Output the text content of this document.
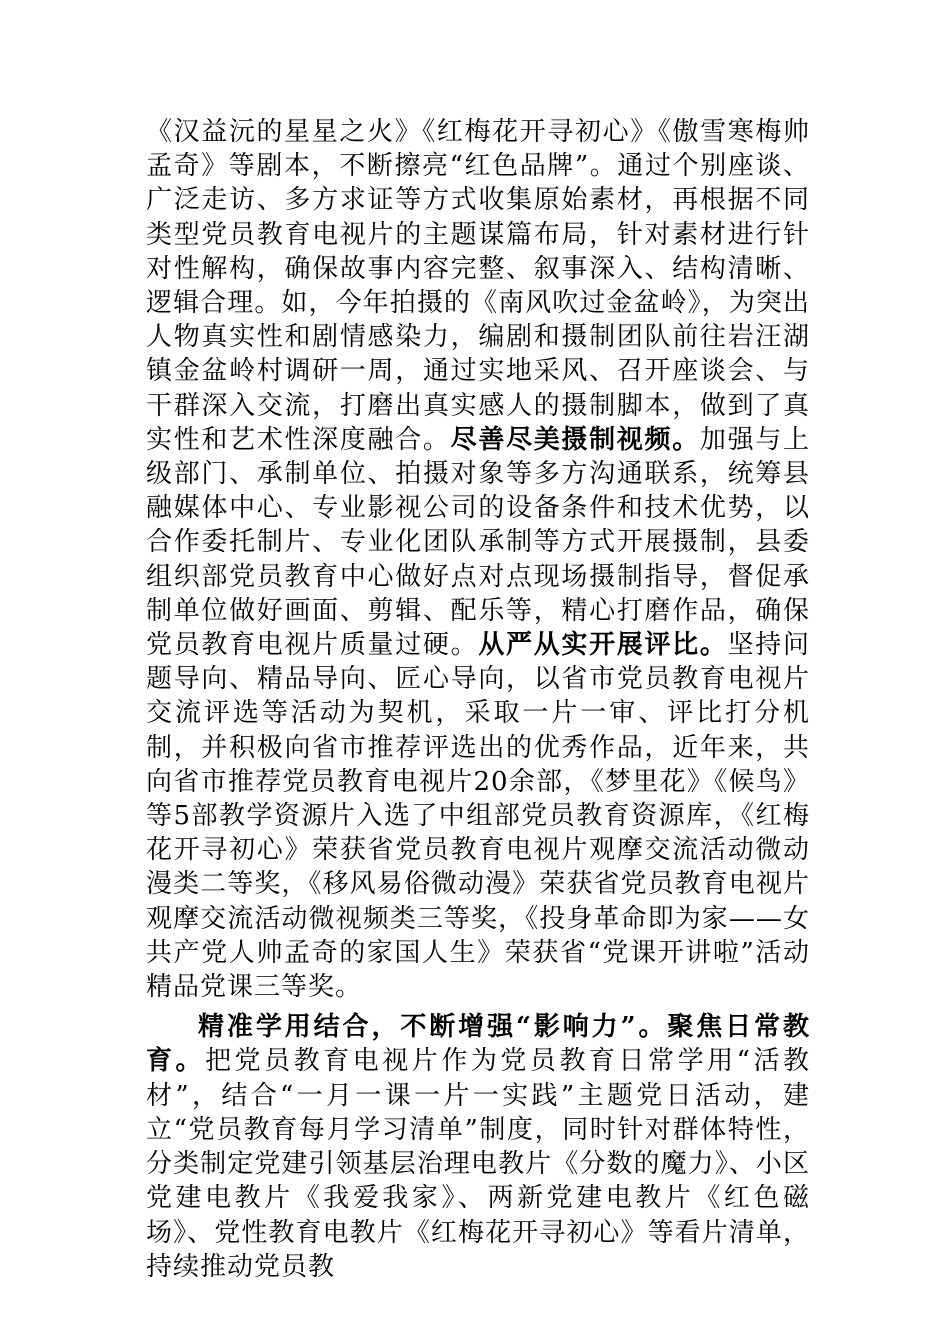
《汉益沅的星星之火》《红梅花开寻初心》《傲雪寒梅帅孟奇》等剧本，不断擦亮“红色品牌”。通过个别座谈、广泛走访、多方求证等方式收集原始素材，再根据不同类型党员教育电视片的主题谋篇布局，针对素材进行针对性解构，确保故事内容完整、叙事深入、结构清晰、逻辑合理。如，今年拍摄的《南风吹过金盆岭》，为突出人物真实性和剧情感染力，编剧和摄制团队前往岩汪湖镇金盆岭村调研一周，通过实地采风、召开座谈会、与干群深入交流，打磨出真实感人的摄制脚本，做到了真实性和艺术性深度融合。尽善尽美摄制视频。加强与上级部门、承制单位、拍摄对象等多方沟通联系，统筹县融媒体中心、专业影视公司的设备条件和技术优势，以合作委托制片、专业化团队承制等方式开展摄制，县委组织部党员教育中心做好点对点现场摄制指导，督促承制单位做好画面、剪辑、配乐等，精心打磨作品，确保党员教育电视片质量过硬。从严从实开展评比。坚持问题导向、精品导向、匠心导向，以省市党员教育电视片交流评选等活动为契机，采取一片一审、评比打分机制，并积极向省市推荐评选出的优秀作品，近年来，共向省市推荐党员教育电视片20余部，《梦里花》《候鸟》等5部教学资源片入选了中组部党员教育资源库，《红梅花开寻初心》荣获省党员教育电视片观摩交流活动微动漫类二等奖，《移风易俗微动漫》荣获省党员教育电视片观摩交流活动微视频类三等奖，《投身革命即为家——女共产党人帅孟奇的家国人生》荣获省“党课开讲啦”活动精品党课三等奖。

精准学用结合，不断增强“影响力”。聚焦日常教育。把党员教育电视片作为党员教育日常学用“活教材”，结合“一月一课一片一实践”主题党日活动，建立“党员教育每月学习清单”制度，同时针对群体特性，分类制定党建引领基层治理电教片《分数的魔力》、小区党建电教片《我爱我家》、两新党建电教片《红色磁场》、党性教育电教片《红梅花开寻初心》等看片清单，持续推动党员教
